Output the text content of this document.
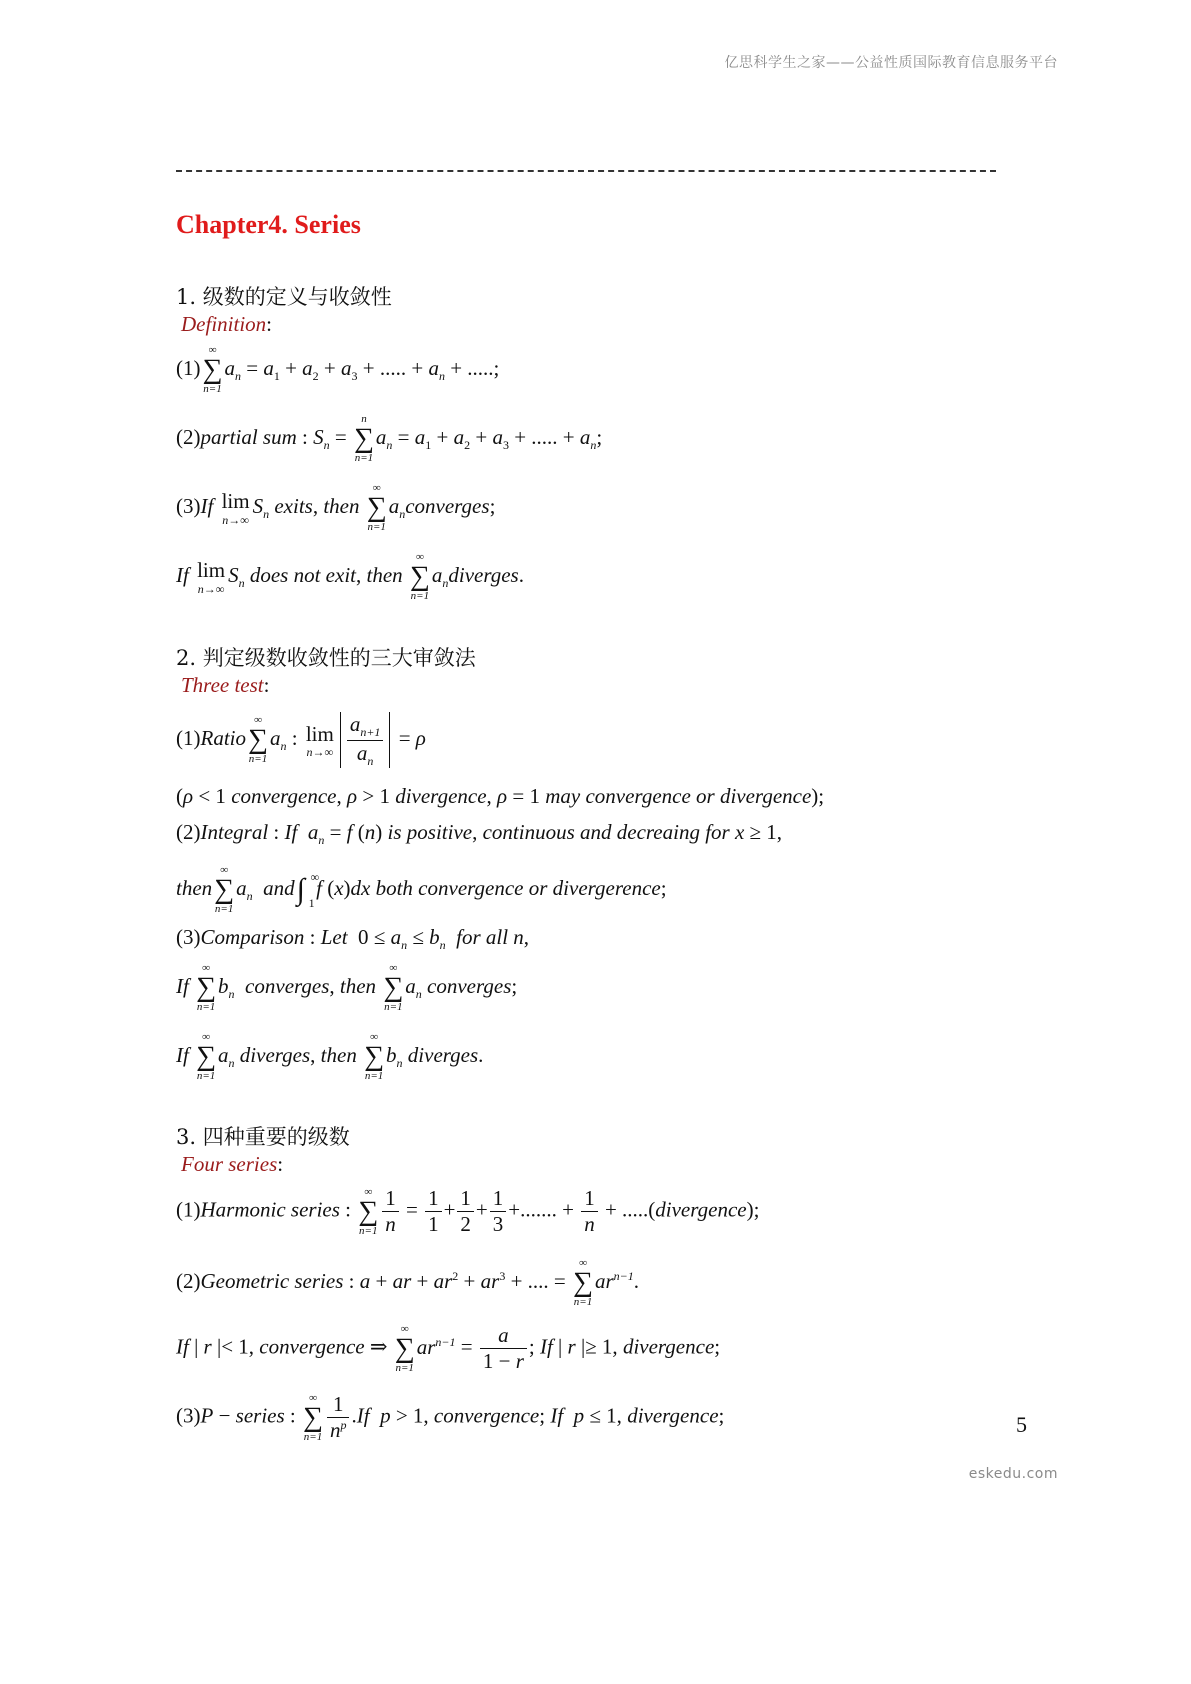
亿思科学生之家——公益性质国际教育信息服务平台
Chapter4. Series
1. 级数的定义与收敛性
Definition:
(1)
∞
∑
n=1
$a_n = a_1 + a_2 + a_3$ + ..... + $a_n$ + .....;
(2)partial sum : $S_n$ =
n
∑
n=1
$a_n = a_1 + a_2 + a_3$ + ..... + $a_n$;
(3)If lim
n→∞
$S_n$ exits, then
∞
∑
n=1
$a_nconverges$;
If lim
n→∞
$S_n$ does not exit, then
∞
∑
n=1
$a_ndiverges$.
2. 判定级数收敛性的三大审敛法
Three test:
(1)Ratio
∞
∑
n=1
$a_n$ : lim
$n\to\infty \frac{a_{n+1}}{a_n} = \rho$
(ρ < 1 convergence, ρ > 1 divergence, ρ = 1 may convergence or divergence);
(2)Integral : If $a_n = f$ (n) is positive, continuous and decreaing for x ≥ 1,
then
∞
∑
n=1
$a_n$ and∫ ∞
1
f (x)dx both convergence or divergerence;
(3)Comparison : Let  $0 \le a_n \le b_n$ for all n,
If
∞
∑
n=1
$b_n$ converges, then
∞
∑
n=1
$a_n$ converges;
If
∞
∑
n=1
$a_n$ diverges, then
∞
∑
n=1
$b_n$ diverges.
3. 四种重要的级数
Four series:
(1)Harmonic series :
∞
∑
$n=1 \frac{1}{n} = \frac{1}{1} + \frac{1}{2} + \frac{1}{3}$ +....... + $\frac{1}{n}$ + .....(divergence);
(2)Geometric series : a + ar + $ar^2 + ar^3$ + .... =
∞
∑
n=1
$ar^{n-1}$.
If | r |< 1, convergence ⇒
∞
∑
n=1
$ar^{n-1} = \frac{a}{1 - r}$ ; If | r |≥ 1, divergence;
(3)P − series :
∞
∑
$n=1 \frac{1}{n^p} .If$ p > 1, convergence; If p ≤ 1, divergence;	5
eskedu.com
